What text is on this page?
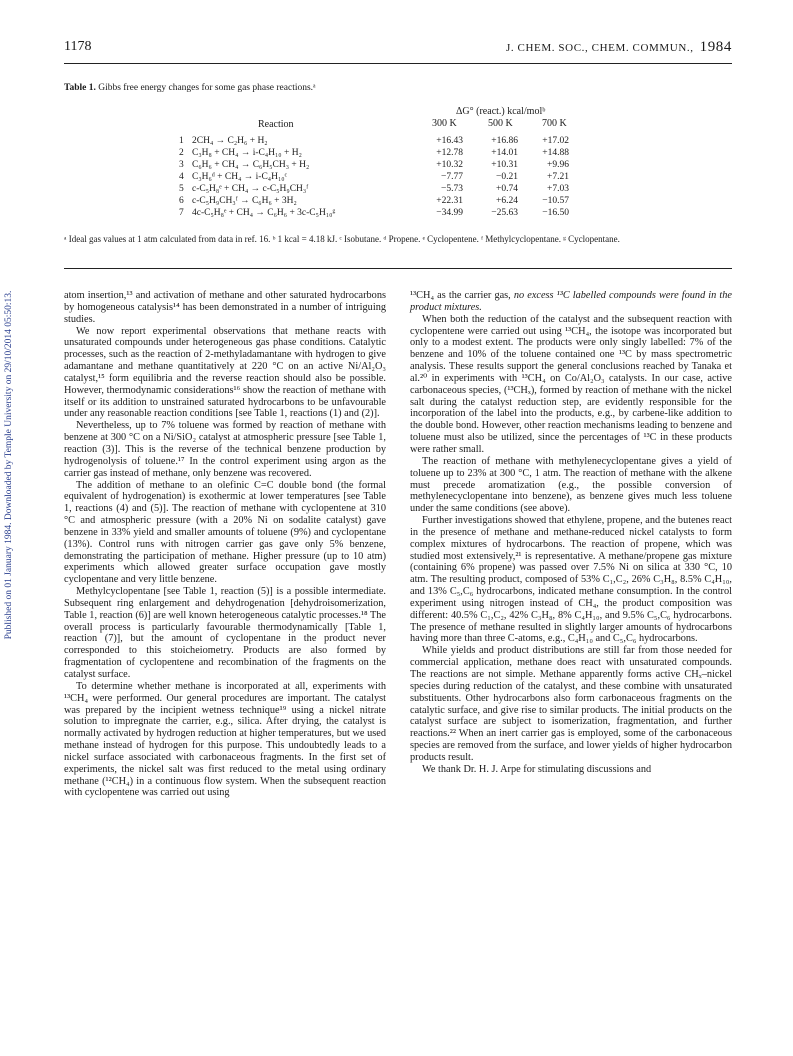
Published on 01 January 1984. Downloaded by Temple University on 29/10/2014 05:50:13.
1178	J. CHEM. SOC., CHEM. COMMUN., 1984
Table 1. Gibbs free energy changes for some gas phase reactions.ᵃ
ΔG° (react.) kcal/molᵇ
Reaction	300 K	500 K	700 K
1 2CH₄ → C₂H₆ + H₂	+16.43	+16.86	+17.02
2 C₃H₈ + CH₄ → i-C₄H₁₀ + H₂	+12.78	+14.01	+14.88
3 C₆H₆ + CH₄ → C₆H₅CH₃ + H₂	+10.32	+10.31	+9.96
4 C₃H₆ᵈ + CH₄ → i-C₄H₁₀ᶜ	−7.77	−0.21	+7.21
5 c-C₅H₈ᵉ + CH₄ → c-C₅H₉CH₃ᶠ	−5.73	+0.74	+7.03
6 c-C₅H₉CH₃ᶠ → C₆H₆ + 3H₂	+22.31	+6.24	−10.57
7 4c-C₅H₈ᵉ + CH₄ → C₆H₆ + 3c-C₅H₁₀ᵍ	−34.99	−25.63	−16.50
ᵃ Ideal gas values at 1 atm calculated from data in ref. 16. ᵇ 1 kcal = 4.18 kJ. ᶜ Isobutane. ᵈ Propene. ᵉ Cyclopentene. ᶠ Methylcyclopentane. ᵍ Cyclopentane.

atom insertion,¹³ and activation of methane and other saturated hydrocarbons by homogeneous catalysis¹⁴ has been demonstrated in a number of intriguing studies.

We now report experimental observations that methane reacts with unsaturated compounds under heterogeneous gas phase conditions. Catalytic processes, such as the reaction of 2-methyladamantane with hydrogen to give adamantane and methane quantitatively at 220 °C on an active Ni/Al₂O₃ catalyst,¹⁵ form equilibria and the reverse reaction should also be possible. However, thermodynamic considerations¹⁶ show the reaction of methane with itself or its addition to unstrained saturated hydrocarbons to be unfavourable under any reasonable reaction conditions [see Table 1, reactions (1) and (2)].

Nevertheless, up to 7% toluene was formed by reaction of methane with benzene at 300 °C on a Ni/SiO₂ catalyst at atmospheric pressure [see Table 1, reaction (3)]. This is the reverse of the technical benzene production by hydrogenolysis of toluene.¹⁷ In the control experiment using argon as the carrier gas instead of methane, only benzene was recovered.

The addition of methane to an olefinic C=C double bond (the formal equivalent of hydrogenation) is exothermic at lower temperatures [see Table 1, reactions (4) and (5)]. The reaction of methane with cyclopentene at 310 °C and atmospheric pressure (with a 20% Ni on sodalite catalyst) gave benzene in 33% yield and smaller amounts of toluene (9%) and cyclopentane (13%). Control runs with nitrogen carrier gas gave only 5% benzene, demonstrating the participation of methane. Higher pressure (up to 10 atm) experiments which allowed greater surface occupation gave mostly cyclopentane and very little benzene.

Methylcyclopentane [see Table 1, reaction (5)] is a possible intermediate. Subsequent ring enlargement and dehydrogenation [dehydroisomerization, Table 1, reaction (6)] are well known heterogeneous catalytic processes.¹⁸ The overall process is particularly favourable thermodynamically [Table 1, reaction (7)], but the amount of cyclopentane in the product never corresponded to this stoicheiometry. Products are also formed by fragmentation of cyclopentene and recombination of the fragments on the catalyst surface.

To determine whether methane is incorporated at all, experiments with ¹³CH₄ were performed. Our general procedures are important. The catalyst was prepared by the incipient wetness technique¹⁹ using a nickel nitrate solution to impregnate the carrier, e.g., silica. After drying, the catalyst is normally activated by hydrogen reduction at higher temperatures, but we used methane instead of hydrogen for this purpose. This undoubtedly leads to a nickel surface associated with carbonaceous fragments. In the first set of experiments, the nickel salt was first reduced to the metal using ordinary methane (¹²CH₄) in a continuous flow system. When the subsequent reaction with cyclopentene was carried out using

¹³CH₄ as the carrier gas, no excess ¹³C labelled compounds were found in the product mixtures.

When both the reduction of the catalyst and the subsequent reaction with cyclopentene were carried out using ¹³CH₄, the isotope was incorporated but only to a modest extent. The products were only singly labelled: 7% of the benzene and 10% of the toluene contained one ¹³C by mass spectrometric analysis. These results support the general conclusions reached by Tanaka et al.²⁰ in experiments with ¹³CH₄ on Co/Al₂O₃ catalysts. In our case, active carbonaceous species, (¹³CHₓ), formed by reaction of methane with the nickel salt during the catalyst reduction step, are evidently responsible for the incorporation of the label into the products, e.g., by carbene-like addition to the double bond. However, other reaction mechanisms leading to benzene and toluene must also be utilized, since the percentages of ¹³C in these products were rather small.

The reaction of methane with methylenecyclopentane gives a yield of toluene up to 23% at 300 °C, 1 atm. The reaction of methane with the alkene must precede aromatization (e.g., the possible conversion of methylenecyclopentane into benzene), as benzene gives much less toluene under the same conditions (see above).

Further investigations showed that ethylene, propene, and the butenes react in the presence of methane and methane-reduced nickel catalysts to form complex mixtures of hydrocarbons. The reaction of propene, which was studied most extensively,²¹ is representative. A methane/propene gas mixture (containing 6% propene) was passed over 7.5% Ni on silica at 330 °C, 10 atm. The resulting product, composed of 53% C₁,C₂, 26% C₃H₈, 8.5% C₄H₁₀, and 13% C₅,C₆ hydrocarbons, indicated methane consumption. In the control experiment using nitrogen instead of CH₄, the product composition was different: 40.5% C₁,C₂, 42% C₃H₈, 8% C₄H₁₀, and 9.5% C₅,C₆ hydrocarbons. The presence of methane resulted in slightly larger amounts of hydrocarbons having more than three C-atoms, e.g., C₄H₁₀ and C₅,C₆ hydrocarbons.

While yields and product distributions are still far from those needed for commercial application, methane does react with unsaturated compounds. The reactions are not simple. Methane apparently forms active CHₓ–nickel species during reduction of the catalyst, and these combine with unsaturated substituents. Other hydrocarbons also form carbonaceous fragments on the catalytic surface, and give rise to similar products. The initial products on the catalyst surface are subject to isomerization, fragmentation, and further reactions.²² When an inert carrier gas is employed, some of the carbonaceous species are removed from the surface, and lower yields of higher hydrocarbon products result.

We thank Dr. H. J. Arpe for stimulating discussions and
